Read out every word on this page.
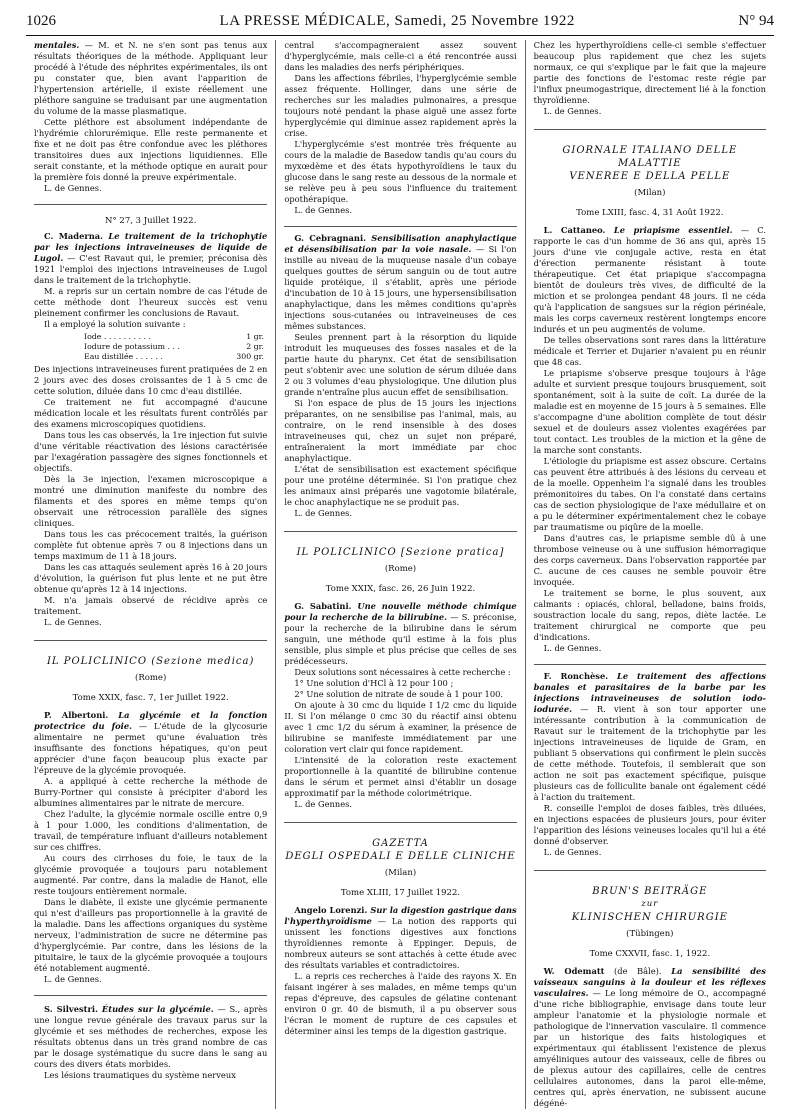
1026	LA PRESSE MÉDICALE, Samedi, 25 Novembre 1922	N° 94

mentales. — M. et N. ne s'en sont pas tenus aux résultats théoriques de la méthode. Appliquant leur procédé à l'étude des néphrites expérimentales, ils ont pu constater que, bien avant l'apparition de l'hypertension artérielle, il existe réellement une pléthore sanguine se traduisant par une augmentation du volume de la masse plasmatique.

Cette pléthore est absolument indépendante de l'hydrémie chlorurémique. Elle reste permanente et fixe et ne doit pas être confondue avec les pléthores transitoires dues aux injections liquidiennes. Elle serait constante, et la méthode optique en aurait pour la première fois donné la preuve expérimentale.

L. de Gennes.

N° 27, 3 Juillet 1922.

C. Maderna. Le traitement de la trichophytie par les injections intraveineuses de liquide de Lugol. — C'est Ravaut qui, le premier, préconisa dès 1921 l'emploi des injections intraveineuses de Lugol dans le traitement de la trichophytie.

M. a repris sur un certain nombre de cas l'étude de cette méthode dont l'heureux succès est venu pleinement confirmer les conclusions de Ravaut.

Il a employé la solution suivante :

Iode . . . . . . . . . .	1 gr.
Iodure de potassium . . .	2 gr.
Eau distillée . . . . . .	300 gr.

Des injections intraveineuses furent pratiquées de 2 en 2 jours avec des doses croissantes de 1 à 5 cmc de cette solution, diluée dans 10 cmc d'eau distillée.

Ce traitement ne fut accompagné d'aucune médication locale et les résultats furent contrôlés par des examens microscopiques quotidiens.

Dans tous les cas observés, la 1re injection fut suivie d'une véritable réactivation des lésions caractérisée par l'exagération passagère des signes fonctionnels et objectifs.

Dès la 3e injection, l'examen microscopique a montré une diminution manifeste du nombre des filaments et des spores en même temps qu'on observait une rétrocession parallèle des signes cliniques.

Dans tous les cas précocement traités, la guérison complète fut obtenue après 7 ou 8 injections dans un temps maximum de 11 à 18 jours.

Dans les cas attaqués seulement après 16 à 20 jours d'évolution, la guérison fut plus lente et ne put être obtenue qu'après 12 à 14 injections.

M. n'a jamais observé de récidive après ce traitement.

L. de Gennes.

IL POLICLINICO (Sezione medica)
(Rome)
Tome XXIX, fasc. 7, 1er Juillet 1922.

P. Albertoni. La glycémie et la fonction protectrice du foie. — L'étude de la glycosurie alimentaire ne permet qu'une évaluation très insuffisante des fonctions hépatiques, qu'on peut apprécier d'une façon beaucoup plus exacte par l'épreuve de la glycémie provoquée.

A. a appliqué à cette recherche la méthode de Burry-Portner qui consiste à précipiter d'abord les albumines alimentaires par le nitrate de mercure.

Chez l'adulte, la glycémie normale oscille entre 0,9 à 1 pour 1.000, les conditions d'alimentation, de travail, de température influant d'ailleurs notablement sur ces chiffres.

Au cours des cirrhoses du foie, le taux de la glycémie provoquée a toujours paru notablement augmenté. Par contre, dans la maladie de Hanot, elle reste toujours entièrement normale.

Dans le diabète, il existe une glycémie permanente qui n'est d'ailleurs pas proportionnelle à la gravité de la maladie. Dans les affections organiques du système nerveux, l'administration de sucre ne détermine pas d'hyperglycémie. Par contre, dans les lésions de la pituitaire, le taux de la glycémie provoquée a toujours été notablement augmenté.

L. de Gennes.

S. Silvestri. Études sur la glycémie. — S., après une longue revue générale des travaux parus sur la glycémie et ses méthodes de recherches, expose les résultats obtenus dans un très grand nombre de cas par le dosage systématique du sucre dans le sang au cours des divers états morbides.

Les lésions traumatiques du système nerveux

central s'accompagneraient assez souvent d'hyperglycémie, mais celle-ci a été rencontrée aussi dans les maladies des nerfs périphériques.

Dans les affections fébriles, l'hyperglycémie semble assez fréquente. Hollinger, dans une série de recherches sur les maladies pulmonaires, a presque toujours noté pendant la phase aiguë une assez forte hyperglycémie qui diminue assez rapidement après la crise.

L'hyperglycémie s'est montrée très fréquente au cours de la maladie de Basedow tandis qu'au cours du myxœdème et des états hypothyroïdiens le taux du glucose dans le sang reste au dessous de la normale et se relève peu à peu sous l'influence du traitement opothérapique.

L. de Gennes.

G. Cebragnani. Sensibilisation anaphylactique et désensibilisation par la voie nasale. — Si l'on instille au niveau de la muqueuse nasale d'un cobaye quelques gouttes de sérum sanguin ou de tout autre liquide protéique, il s'établit, après une période d'incubation de 10 à 15 jours, une hypersensibilisation anaphylactique, dans les mêmes conditions qu'après injections sous-cutanées ou intraveineuses de ces mêmes substances.

Seules prennent part à la résorption du liquide introduit les muqueuses des fosses nasales et de la partie haute du pharynx. Cet état de sensibilisation peut s'obtenir avec une solution de sérum diluée dans 2 ou 3 volumes d'eau physiologique. Une dilution plus grande n'entraîne plus aucun effet de sensibilisation.

Si l'on espace de plus de 15 jours les injections préparantes, on ne sensibilise pas l'animal, mais, au contraire, on le rend insensible à des doses intraveineuses qui, chez un sujet non préparé, entraîneraient la mort immédiate par choc anaphylactique.

L'état de sensibilisation est exactement spécifique pour une protéine déterminée. Si l'on pratique chez les animaux ainsi préparés une vagotomie bilatérale, le choc anaphylactique ne se produit pas.

L. de Gennes.

IL POLICLINICO [Sezione pratica]
(Rome)
Tome XXIX, fasc. 26, 26 Juin 1922.

G. Sabatini. Une nouvelle méthode chimique pour la recherche de la bilirubine. — S. préconise, pour la recherche de la bilirubine dans le sérum sanguin, une méthode qu'il estime à la fois plus sensible, plus simple et plus précise que celles de ses prédécesseurs.

Deux solutions sont nécessaires à cette recherche :

1° Une solution d'HCl à 12 pour 100 ;

2° Une solution de nitrate de soude à 1 pour 100.

On ajoute à 30 cmc du liquide I 1/2 cmc du liquide II. Si l'on mélange 0 cmc 30 du réactif ainsi obtenu avec 1 cmc 1/2 du sérum à examiner, la présence de bilirubine se manifeste immédiatement par une coloration vert clair qui fonce rapidement.

L'intensité de la coloration reste exactement proportionnelle à la quantité de bilirubine contenue dans le sérum et permet ainsi d'établir un dosage approximatif par la méthode colorimétrique.

L. de Gennes.

GAZETTA
DEGLI OSPEDALI E DELLE CLINICHE
(Milan)
Tome XLIII, 17 Juillet 1922.

Angelo Lorenzi. Sur la digestion gastrique dans l'hyperthyroïdisme — La notion des rapports qui unissent les fonctions digestives aux fonctions thyroïdiennes remonte à Eppinger. Depuis, de nombreux auteurs se sont attachés à cette étude avec des résultats variables et contradictoires.

L. a repris ces recherches à l'aide des rayons X. En faisant ingérer à ses malades, en même temps qu'un repas d'épreuve, des capsules de gélatine contenant environ 0 gr. 40 de bismuth, il a pu observer sous l'écran le moment de rupture de ces capsules et déterminer ainsi les temps de la digestion gastrique.

Chez les hyperthyroïdiens celle-ci semble s'effectuer beaucoup plus rapidement que chez les sujets normaux, ce qui s'explique par le fait que la majeure partie des fonctions de l'estomac reste régie par l'influx pneumogastrique, directement lié à la fonction thyroïdienne.

L. de Gennes.

GIORNALE ITALIANO DELLE MALATTIE
VENEREE E DELLA PELLE
(Milan)
Tome LXIII, fasc. 4, 31 Août 1922.

L. Cattaneo. Le priapisme essentiel. — C. rapporte le cas d'un homme de 36 ans qui, après 15 jours d'une vie conjugale active, resta en état d'érection permanente résistant à toute thérapeutique. Cet état priapique s'accompagna bientôt de douleurs très vives, de difficulté de la miction et se prolongea pendant 48 jours. Il ne céda qu'à l'application de sangsues sur la région périnéale, mais les corps caverneux restèrent longtemps encore indurés et un peu augmentés de volume.

De telles observations sont rares dans la littérature médicale et Terrier et Dujarier n'avaient pu en réunir que 48 cas.

Le priapisme s'observe presque toujours à l'âge adulte et survient presque toujours brusquement, soit spontanément, soit à la suite de coït. La durée de la maladie est en moyenne de 15 jours à 5 semaines. Elle s'accompagne d'une abolition complète de tout désir sexuel et de douleurs assez violentes exagérées par tout contact. Les troubles de la miction et la gêne de la marche sont constants.

L'étiologie du priapisme est assez obscure. Certains cas peuvent être attribués à des lésions du cerveau et de la moelle. Oppenheim l'a signalé dans les troubles prémonitoires du tabes. On l'a constaté dans certains cas de section physiologique de l'axe médullaire et on a pu le déterminer expérimentalement chez le cobaye par traumatisme ou piqûre de la moelle.

Dans d'autres cas, le priapisme semble dû à une thrombose veineuse ou à une suffusion hémorragique des corps caverneux. Dans l'observation rapportée par C. aucune de ces causes ne semble pouvoir être invoquée.

Le traitement se borne, le plus souvent, aux calmants : opiacés, chloral, belladone, bains froids, soustraction locale du sang, repos, diète lactée. Le traitement chirurgical ne comporte que peu d'indications.

L. de Gennes.

F. Ronchèse. Le traitement des affections banales et parasitaires de la barbe par les injections intraveineuses de solution iodo-iodurée. — R. vient à son tour apporter une intéressante contribution à la communication de Ravaut sur le traitement de la trichophytie par les injections intraveineuses de liquide de Gram, en publiant 5 observations qui confirment le plein succès de cette méthode. Toutefois, il semblerait que son action ne soit pas exactement spécifique, puisque plusieurs cas de folliculite banale ont également cédé à l'action du traitement.

R. conseille l'emploi de doses faibles, très diluées, en injections espacées de plusieurs jours, pour éviter l'apparition des lésions veineuses locales qu'il lui a été donné d'observer.

L. de Gennes.

BRUN'S BEITRÄGE
zur
KLINISCHEN CHIRURGIE
(Tübingen)
Tome CXXVII, fasc. 1, 1922.

W. Odematt (de Bâle). La sensibilité des vaisseaux sanguins à la douleur et les réflexes vasculaires. — Le long mémoire de O., accompagné d'une riche bibliographie, envisage dans toute leur ampleur l'anatomie et la physiologie normale et pathologique de l'innervation vasculaire. Il commence par un historique des faits histologiques et expérimentaux qui établissent l'existence de plexus amyéliniques autour des vaisseaux, celle de fibres ou de plexus autour des capillaires, celle de centres cellulaires autonomes, dans la paroi elle-même, centres qui, après énervation, ne subissent aucune dégéné-
